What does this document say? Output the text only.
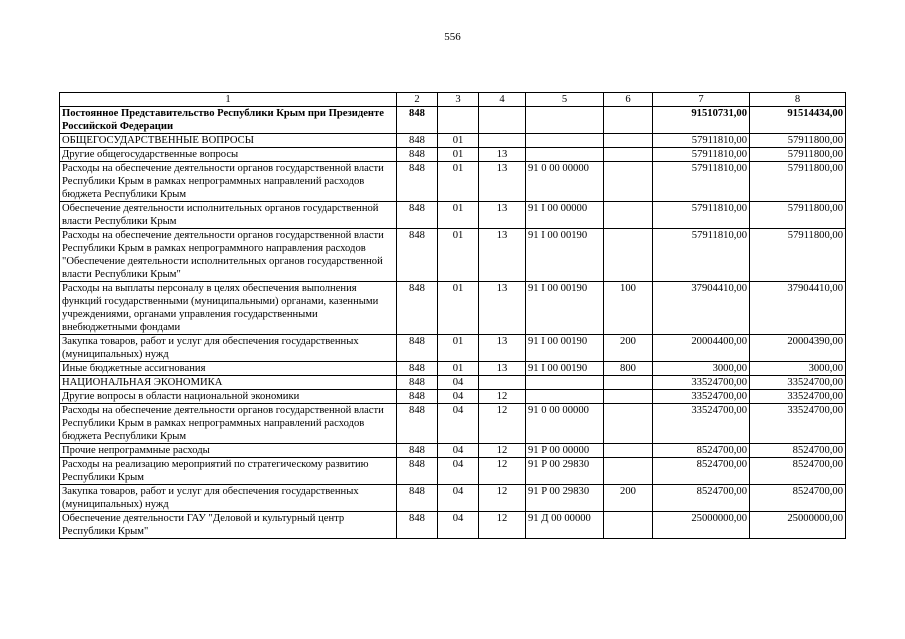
556
1	2	3	4	5	6	7	8
Постоянное Представительство Республики Крым при Президенте Российской Федерации	848					91510731,00	91514434,00
ОБЩЕГОСУДАРСТВЕННЫЕ ВОПРОСЫ	848	01				57911810,00	57911800,00
Другие общегосударственные вопросы	848	01	13			57911810,00	57911800,00
Расходы на обеспечение деятельности органов государственной власти Республики Крым в рамках непрограммных направлений расходов бюджета Республики Крым	848	01	13	91 0 00 00000		57911810,00	57911800,00
Обеспечение деятельности исполнительных органов государственной власти Республики Крым	848	01	13	91 I 00 00000		57911810,00	57911800,00
Расходы на обеспечение деятельности органов государственной власти Республики Крым в рамках непрограммного направления расходов "Обеспечение деятельности исполнительных органов государственной власти Республики Крым"	848	01	13	91 I 00 00190		57911810,00	57911800,00
Расходы на выплаты персоналу в целях обеспечения выполнения функций государственными (муниципальными) органами, казенными учреждениями, органами управления государственными внебюджетными фондами	848	01	13	91 I 00 00190	100	37904410,00	37904410,00
Закупка товаров, работ и услуг для обеспечения государственных (муниципальных) нужд	848	01	13	91 I 00 00190	200	20004400,00	20004390,00
Иные бюджетные ассигнования	848	01	13	91 I 00 00190	800	3000,00	3000,00
НАЦИОНАЛЬНАЯ ЭКОНОМИКА	848	04				33524700,00	33524700,00
Другие вопросы в области национальной экономики	848	04	12			33524700,00	33524700,00
Расходы на обеспечение деятельности органов государственной власти Республики Крым в рамках непрограммных направлений расходов бюджета Республики Крым	848	04	12	91 0 00 00000		33524700,00	33524700,00
Прочие непрограммные расходы	848	04	12	91 P 00 00000		8524700,00	8524700,00
Расходы на реализацию мероприятий по стратегическому развитию Республики Крым	848	04	12	91 P 00 29830		8524700,00	8524700,00
Закупка товаров, работ и услуг для обеспечения государственных (муниципальных) нужд	848	04	12	91 P 00 29830	200	8524700,00	8524700,00
Обеспечение деятельности ГАУ "Деловой и культурный центр Республики Крым"	848	04	12	91 Д 00 00000		25000000,00	25000000,00
